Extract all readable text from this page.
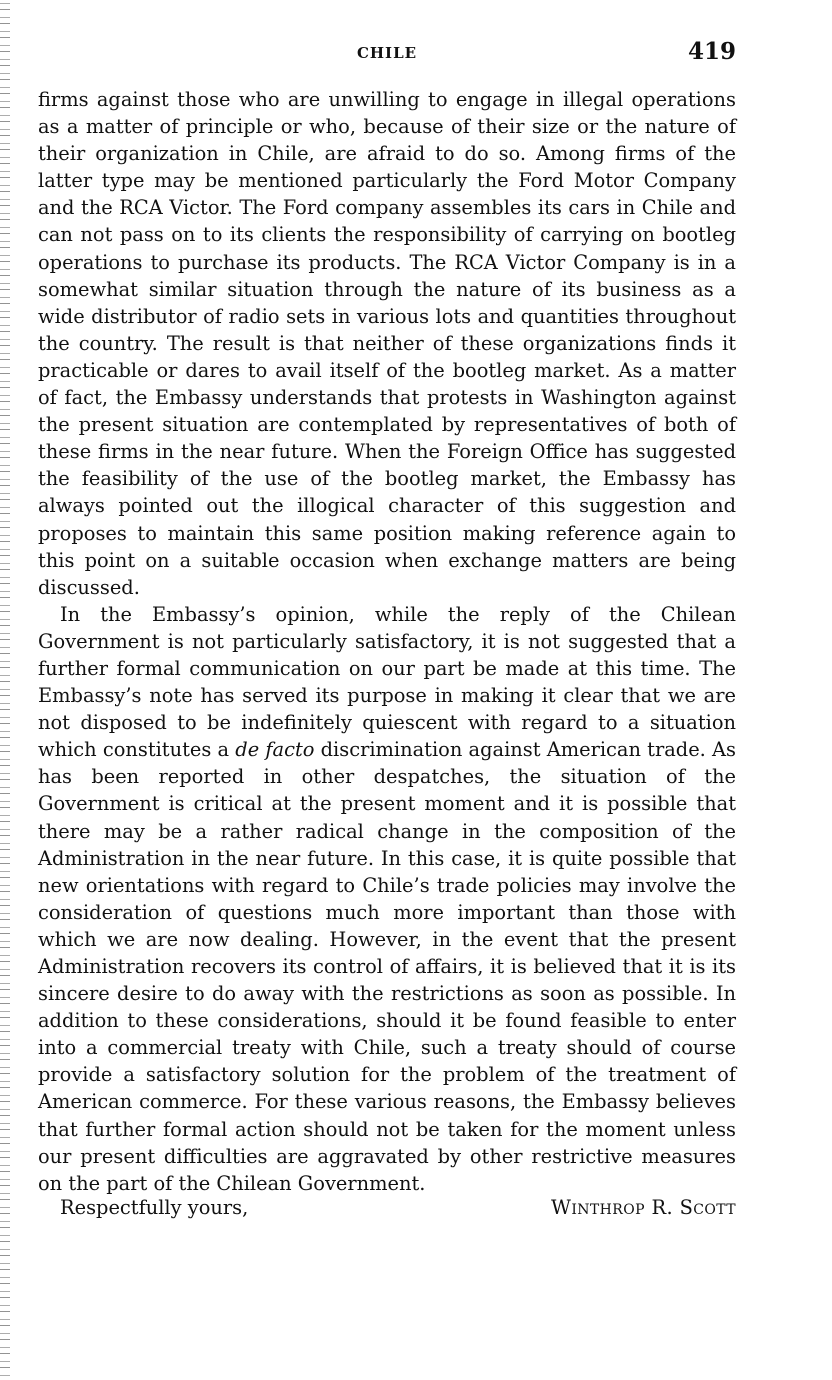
CHILE	419

firms against those who are unwilling to engage in illegal operations as a matter of principle or who, because of their size or the nature of their organization in Chile, are afraid to do so. Among firms of the latter type may be mentioned particularly the Ford Motor Company and the RCA Victor. The Ford company assembles its cars in Chile and can not pass on to its clients the responsibility of carrying on bootleg operations to purchase its products. The RCA Victor Company is in a somewhat similar situation through the nature of its business as a wide distributor of radio sets in various lots and quantities throughout the country. The result is that neither of these organizations finds it practicable or dares to avail itself of the bootleg market. As a matter of fact, the Embassy understands that protests in Washington against the present situation are contemplated by representatives of both of these firms in the near future. When the Foreign Office has suggested the feasibility of the use of the bootleg market, the Embassy has always pointed out the illogical character of this suggestion and proposes to maintain this same position making reference again to this point on a suitable occasion when exchange matters are being discussed.

In the Embassy’s opinion, while the reply of the Chilean Government is not particularly satisfactory, it is not suggested that a further formal communication on our part be made at this time. The Embassy’s note has served its purpose in making it clear that we are not disposed to be indefinitely quiescent with regard to a situation which constitutes a de facto discrimination against American trade. As has been reported in other despatches, the situation of the Government is critical at the present moment and it is possible that there may be a rather radical change in the composition of the Administration in the near future. In this case, it is quite possible that new orientations with regard to Chile’s trade policies may involve the consideration of questions much more important than those with which we are now dealing. However, in the event that the present Administration recovers its control of affairs, it is believed that it is its sincere desire to do away with the restrictions as soon as possible. In addition to these considerations, should it be found feasible to enter into a commercial treaty with Chile, such a treaty should of course provide a satisfactory solution for the problem of the treatment of American commerce. For these various reasons, the Embassy believes that further formal action should not be taken for the moment unless our present difficulties are aggravated by other restrictive measures on the part of the Chilean Government.

Respectfully yours,	Winthrop R. Scott
